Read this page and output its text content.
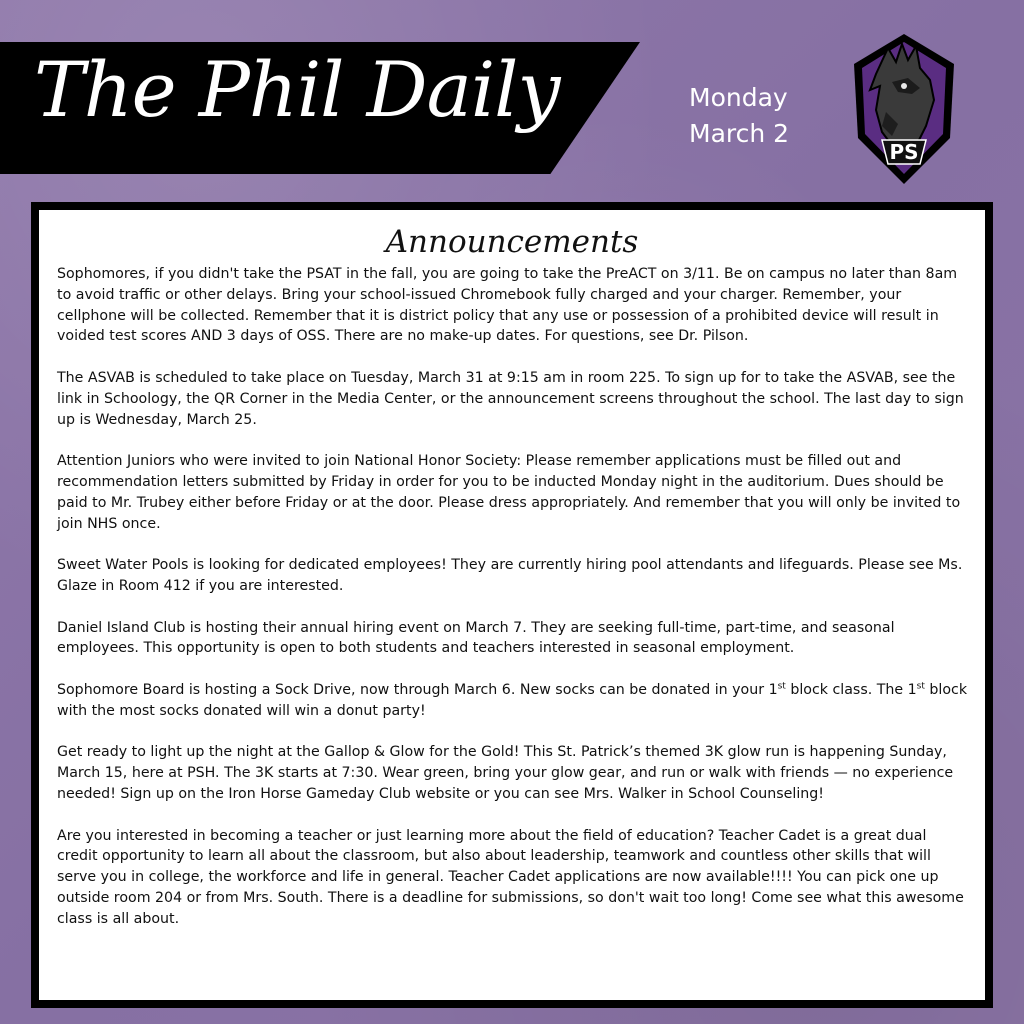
The Phil Daily	Monday
March 2
PS
Announcements

Sophomores, if you didn't take the PSAT in the fall, you are going to take the PreACT on 3/11. Be on campus no later than 8am to avoid traffic or other delays. Bring your school-issued Chromebook fully charged and your charger. Remember, your cellphone will be collected. Remember that it is district policy that any use or possession of a prohibited device will result in voided test scores AND 3 days of OSS. There are no make-up dates. For questions, see Dr. Pilson.

The ASVAB is scheduled to take place on Tuesday, March 31 at 9:15 am in room 225. To sign up for to take the ASVAB, see the link in Schoology, the QR Corner in the Media Center, or the announcement screens throughout the school. The last day to sign up is Wednesday, March 25.

Attention Juniors who were invited to join National Honor Society: Please remember applications must be filled out and recommendation letters submitted by Friday in order for you to be inducted Monday night in the auditorium. Dues should be paid to Mr. Trubey either before Friday or at the door. Please dress appropriately. And remember that you will only be invited to join NHS once.

Sweet Water Pools is looking for dedicated employees! They are currently hiring pool attendants and lifeguards. Please see Ms. Glaze in Room 412 if you are interested.

Daniel Island Club is hosting their annual hiring event on March 7. They are seeking full-time, part-time, and seasonal employees. This opportunity is open to both students and teachers interested in seasonal employment.

Sophomore Board is hosting a Sock Drive, now through March 6. New socks can be donated in your 1st block class. The 1st block with the most socks donated will win a donut party!

Get ready to light up the night at the Gallop & Glow for the Gold! This St. Patrick’s themed 3K glow run is happening Sunday, March 15, here at PSH. The 3K starts at 7:30. Wear green, bring your glow gear, and run or walk with friends — no experience needed! Sign up on the Iron Horse Gameday Club website or you can see Mrs. Walker in School Counseling!

Are you interested in becoming a teacher or just learning more about the field of education? Teacher Cadet is a great dual credit opportunity to learn all about the classroom, but also about leadership, teamwork and countless other skills that will serve you in college, the workforce and life in general. Teacher Cadet applications are now available!!!! You can pick one up outside room 204 or from Mrs. South. There is a deadline for submissions, so don't wait too long! Come see what this awesome class is all about.
